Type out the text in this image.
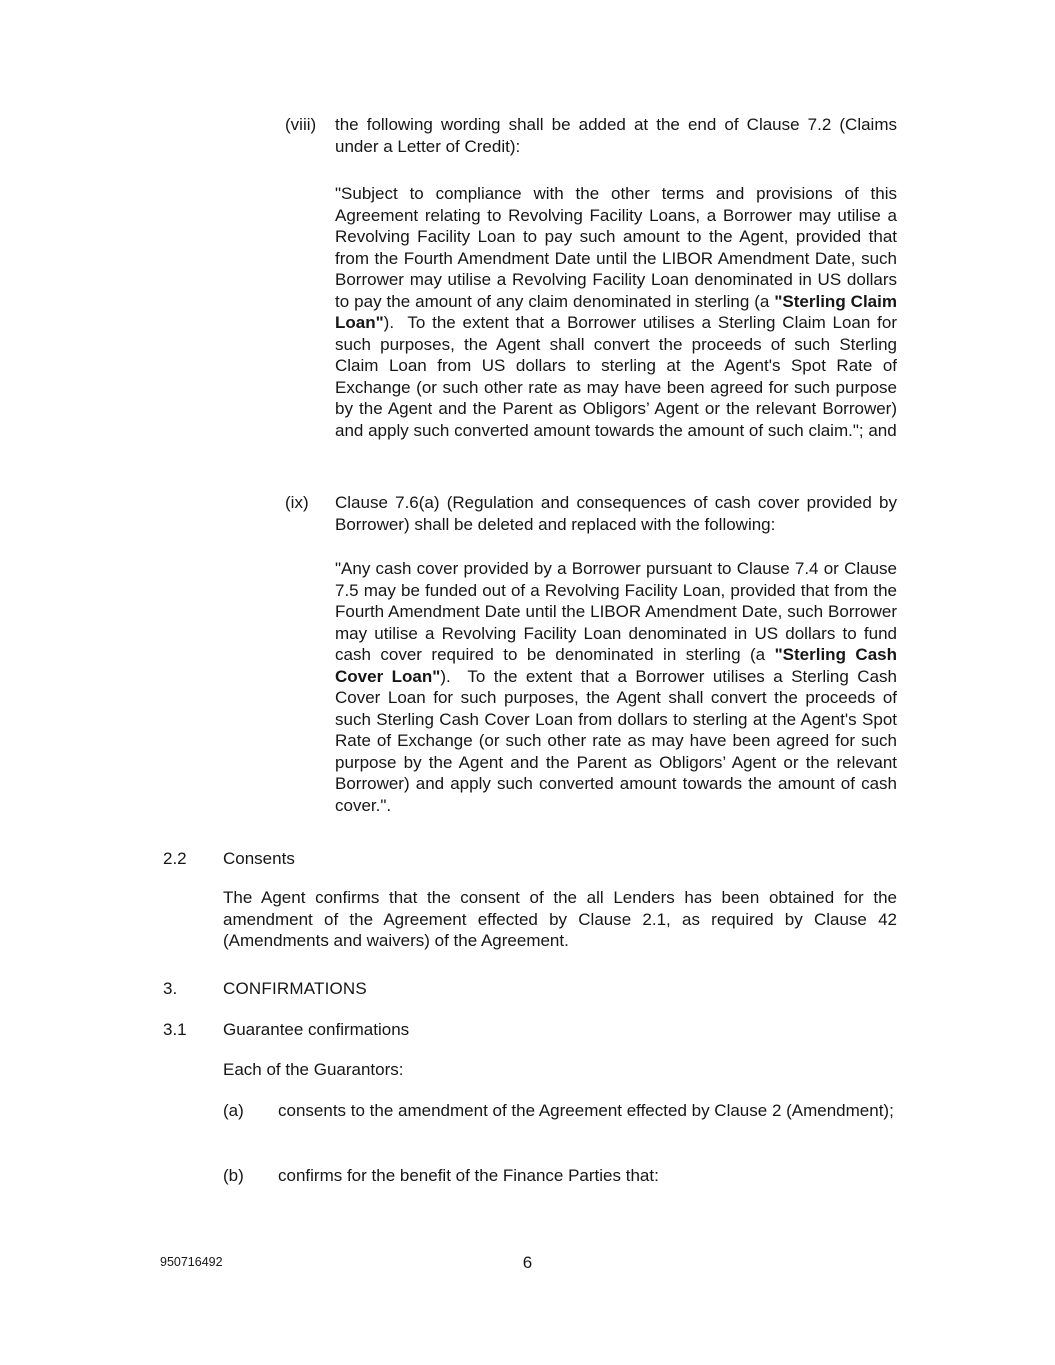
(viii)	the following wording shall be added at the end of Clause 7.2 (Claims under a Letter of Credit):
"Subject to compliance with the other terms and provisions of this Agreement relating to Revolving Facility Loans, a Borrower may utilise a Revolving Facility Loan to pay such amount to the Agent, provided that from the Fourth Amendment Date until the LIBOR Amendment Date, such Borrower may utilise a Revolving Facility Loan denominated in US dollars to pay the amount of any claim denominated in sterling (a "Sterling Claim Loan").  To the extent that a Borrower utilises a Sterling Claim Loan for such purposes, the Agent shall convert the proceeds of such Sterling Claim Loan from US dollars to sterling at the Agent's Spot Rate of Exchange (or such other rate as may have been agreed for such purpose by the Agent and the Parent as Obligors’ Agent or the relevant Borrower) and apply such converted amount towards the amount of such claim."; and
(ix)	Clause 7.6(a) (Regulation and consequences of cash cover provided by Borrower) shall be deleted and replaced with the following:
"Any cash cover provided by a Borrower pursuant to Clause 7.4 or Clause 7.5 may be funded out of a Revolving Facility Loan, provided that from the Fourth Amendment Date until the LIBOR Amendment Date, such Borrower may utilise a Revolving Facility Loan denominated in US dollars to fund cash cover required to be denominated in sterling (a "Sterling Cash Cover Loan").  To the extent that a Borrower utilises a Sterling Cash Cover Loan for such purposes, the Agent shall convert the proceeds of such Sterling Cash Cover Loan from dollars to sterling at the Agent's Spot Rate of Exchange (or such other rate as may have been agreed for such purpose by the Agent and the Parent as Obligors’ Agent or the relevant Borrower) and apply such converted amount towards the amount of cash cover.".
2.2 Consents
The Agent confirms that the consent of the all Lenders has been obtained for the amendment of the Agreement effected by Clause 2.1, as required by Clause 42 (Amendments and waivers) of the Agreement.
3.	CONFIRMATIONS
3.1 Guarantee confirmations
Each of the Guarantors:
(a)	consents to the amendment of the Agreement effected by Clause 2 (Amendment);
(b)	confirms for the benefit of the Finance Parties that:
950716492	6
